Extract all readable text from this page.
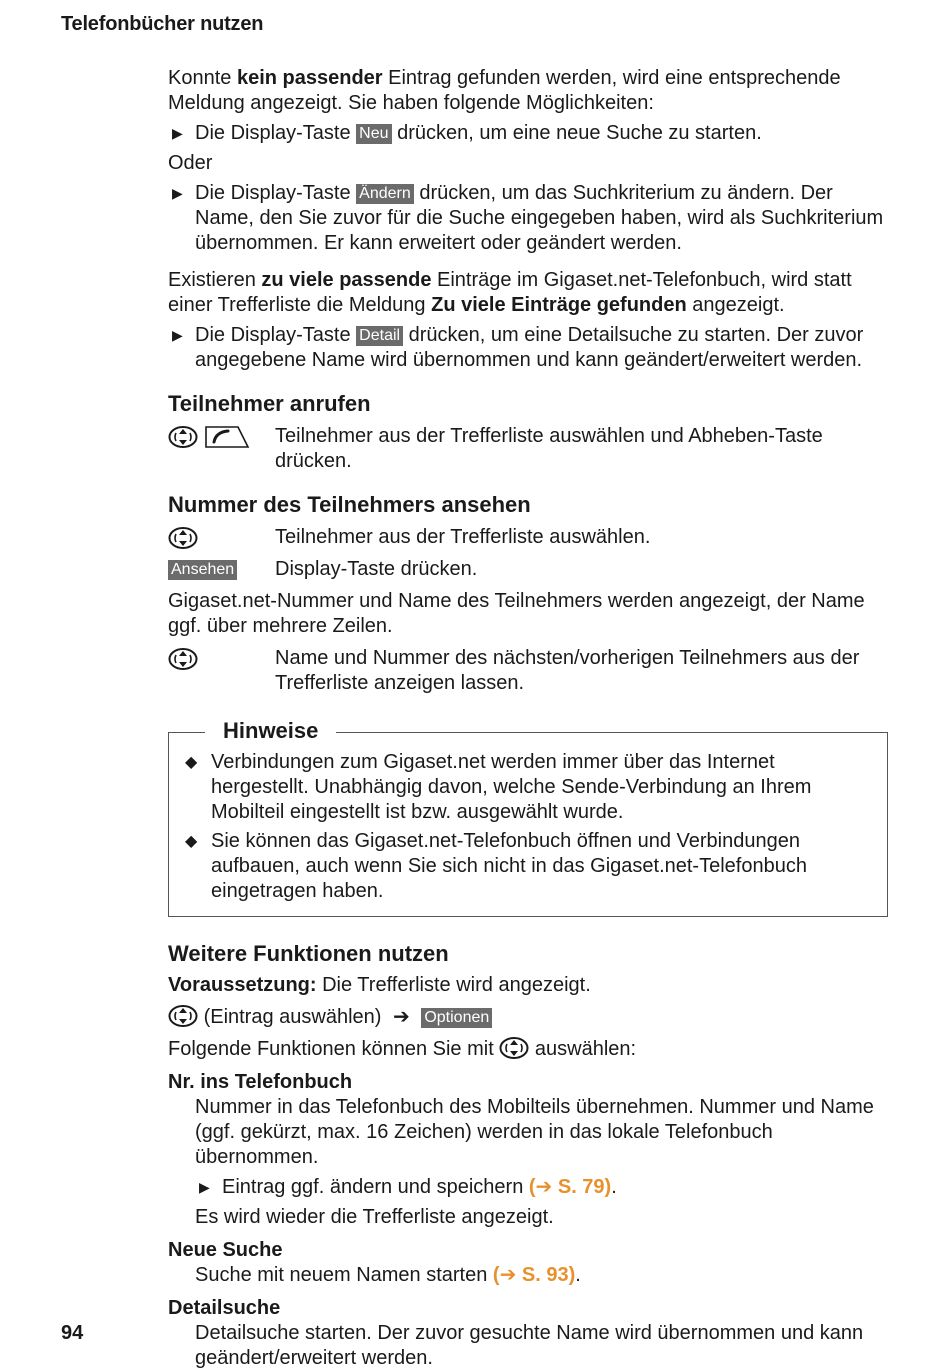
Telefonbücher nutzen

Konnte kein passender Eintrag gefunden werden, wird eine entsprechende Meldung angezeigt. Sie haben folgende Möglichkeiten:

▶ Die Display-Taste Neu drücken, um eine neue Suche zu starten.

Oder

▶ Die Display-Taste Ändern drücken, um das Suchkriterium zu ändern. Der Name, den Sie zuvor für die Suche eingegeben haben, wird als Suchkriterium übernommen. Er kann erweitert oder geändert werden.

Existieren zu viele passende Einträge im Gigaset.net-Telefonbuch, wird statt einer Trefferliste die Meldung Zu viele Einträge gefunden angezeigt.

▶ Die Display-Taste Detail drücken, um eine Detailsuche zu starten. Der zuvor angegebene Name wird übernommen und kann geändert/erweitert werden.
Teilnehmer anrufen
Teilnehmer aus der Trefferliste auswählen und Abheben-Taste drücken.
Nummer des Teilnehmers ansehen
Teilnehmer aus der Trefferliste auswählen.
Ansehen Display-Taste drücken.

Gigaset.net-Nummer und Name des Teilnehmers werden angezeigt, der Name ggf. über mehrere Zeilen.

Name und Nummer des nächsten/vorherigen Teilnehmers aus der Trefferliste anzeigen lassen.
Hinweise
◆ Verbindungen zum Gigaset.net werden immer über das Internet hergestellt. Unabhängig davon, welche Sende-Verbindung an Ihrem Mobilteil eingestellt ist bzw. ausgewählt wurde.
◆ Sie können das Gigaset.net-Telefonbuch öffnen und Verbindungen aufbauen, auch wenn Sie sich nicht in das Gigaset.net-Telefonbuch eingetragen haben.
Weitere Funktionen nutzen

Voraussetzung: Die Trefferliste wird angezeigt.

(Eintrag auswählen) ➔ Optionen

Folgende Funktionen können Sie mit  auswählen:

Nr. ins Telefonbuch

Nummer in das Telefonbuch des Mobilteils übernehmen. Nummer und Name (ggf. gekürzt, max. 16 Zeichen) werden in das lokale Telefonbuch übernommen.

▶ Eintrag ggf. ändern und speichern (➔ S. 79).

Es wird wieder die Trefferliste angezeigt.

Neue Suche

Suche mit neuem Namen starten (➔ S. 93).

Detailsuche

Detailsuche starten. Der zuvor gesuchte Name wird übernommen und kann geändert/erweitert werden.

94
